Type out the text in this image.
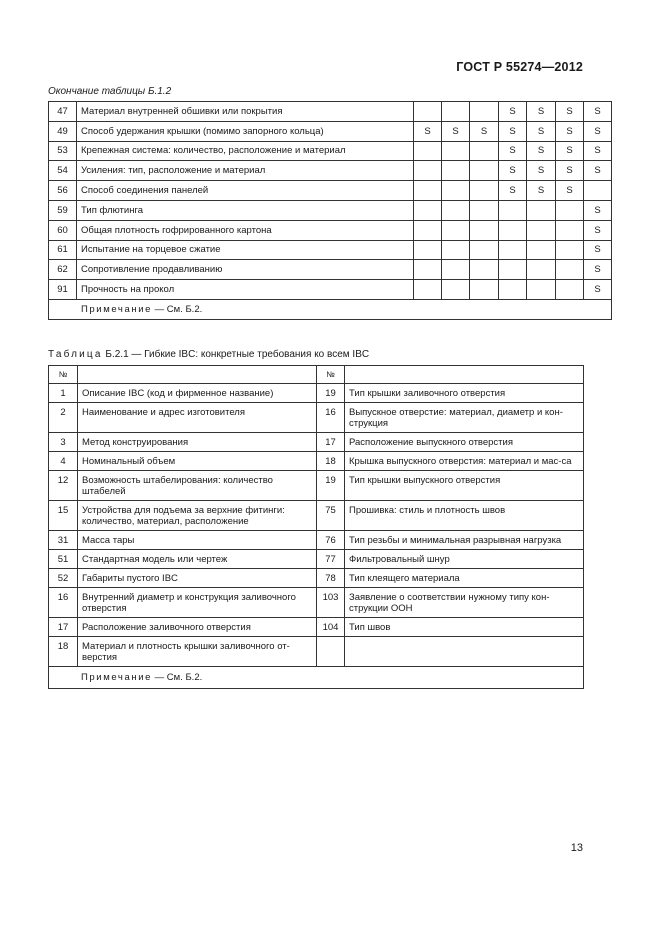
ГОСТ Р 55274—2012
Окончание таблицы Б.1.2
47	Материал внутренней обшивки или покрытия				S	S	S	S
49	Способ удержания крышки (помимо запорного кольца)	S	S	S	S	S	S	S
53	Крепежная система: количество, расположение и материал				S	S	S	S
54	Усиления: тип, расположение и материал				S	S	S	S
56	Способ соединения панелей				S	S	S	
59	Тип флютинга							S
60	Общая плотность гофрированного картона							S
61	Испытание на торцевое сжатие							S
62	Сопротивление продавливанию							S
91	Прочность на прокол							S
Примечание — См. Б.2.								
Таблица Б.2.1 — Гибкие IBC: конкретные требования ко всем IBC
№		№	
1	Описание IBC (код и фирменное название)	19	Тип крышки заливочного отверстия
2	Наименование и адрес изготовителя	16	Выпускное отверстие: материал, диаметр и кон-струкция
3	Метод конструирования	17	Расположение выпускного отверстия
4	Номинальный объем	18	Крышка выпускного отверстия: материал и мас-са
12	Возможность штабелирования: количество штабелей	19	Тип крышки выпускного отверстия
15	Устройства для подъема за верхние фитинги: количество, материал, расположение	75	Прошивка: стиль и плотность швов
31	Масса тары	76	Тип резьбы и минимальная разрывная нагрузка
51	Стандартная модель или чертеж	77	Фильтровальный шнур
52	Габариты пустого IBC	78	Тип клеящего материала
16	Внутренний диаметр и конструкция заливочного отверстия	103	Заявление о соответствии нужному типу кон-струкции ООН
17	Расположение заливочного отверстия	104	Тип швов
18	Материал и плотность крышки заливочного от-верстия		
Примечание — См. Б.2.			
13
